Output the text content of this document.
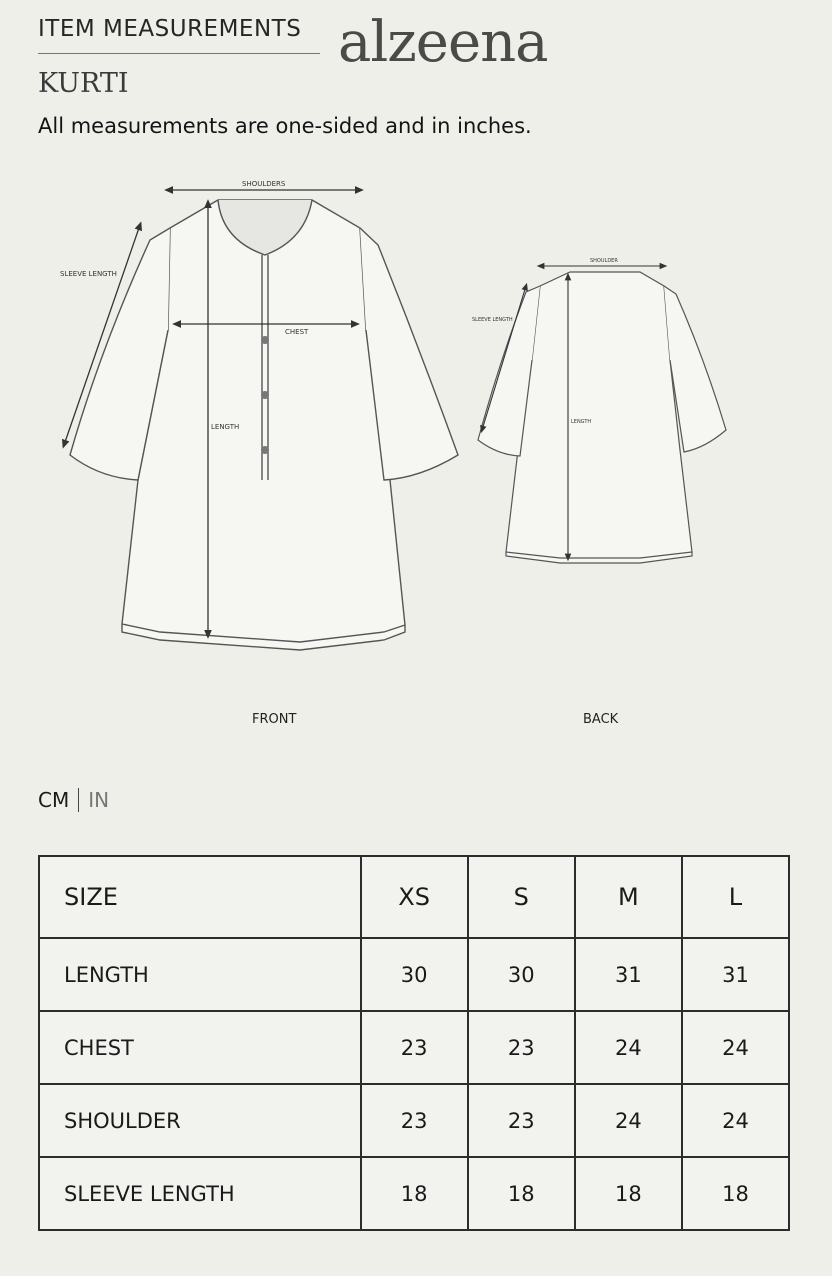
ITEM MEASUREMENTS alzeena
KURTI
All measurements are one-sided and in inches.
SHOULDERS
SLEEVE LENGTH
CHEST
LENGTH
SHOULDER
SLEEVE LENGTH
LENGTH
FRONT	BACK
CM IN
SIZE	XS	S	M	L
LENGTH	30	30	31	31
CHEST	23	23	24	24
SHOULDER	23	23	24	24
SLEEVE LENGTH	18	18	18	18
